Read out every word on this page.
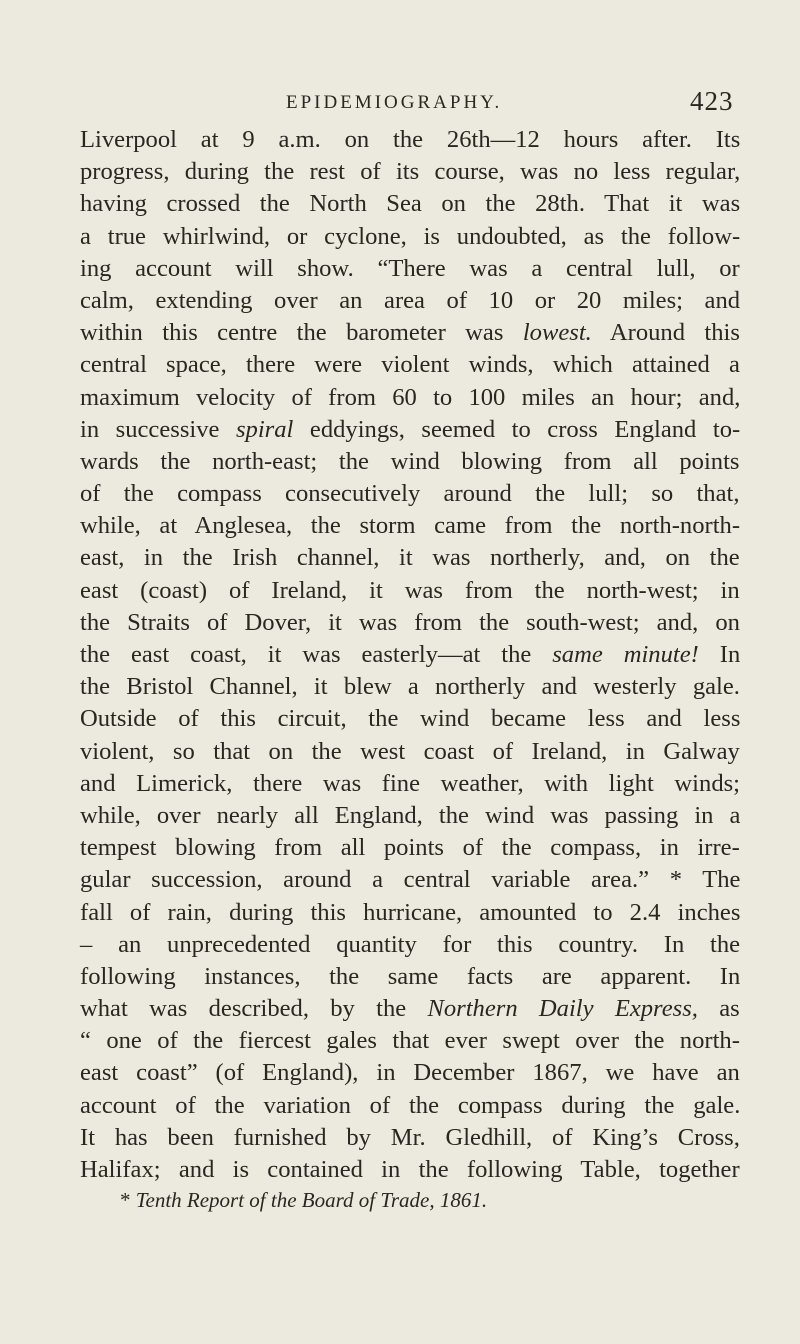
EPIDEMIOGRAPHY.	423
Liverpool at 9 a.m. on the 26th—12 hours after. Its
progress, during the rest of its course, was no less regular,
having crossed the North Sea on the 28th. That it was
a true whirlwind, or cyclone, is undoubted, as the follow-
ing account will show. “There was a central lull, or
calm, extending over an area of 10 or 20 miles; and
within this centre the barometer was lowest. Around this
central space, there were violent winds, which attained a
maximum velocity of from 60 to 100 miles an hour; and,
in successive spiral eddyings, seemed to cross England to-
wards the north-east; the wind blowing from all points
of the compass consecutively around the lull; so that,
while, at Anglesea, the storm came from the north-north-
east, in the Irish channel, it was northerly, and, on the
east (coast) of Ireland, it was from the north-west; in
the Straits of Dover, it was from the south-west; and, on
the east coast, it was easterly—at the same minute! In
the Bristol Channel, it blew a northerly and westerly gale.
Outside of this circuit, the wind became less and less
violent, so that on the west coast of Ireland, in Galway
and Limerick, there was fine weather, with light winds;
while, over nearly all England, the wind was passing in a
tempest blowing from all points of the compass, in irre-
gular succession, around a central variable area.” * The
fall of rain, during this hurricane, amounted to 2.4 inches
– an unprecedented quantity for this country. In the
following instances, the same facts are apparent. In
what was described, by the Northern Daily Express, as
“ one of the fiercest gales that ever swept over the north-
east coast” (of England), in December 1867, we have an
account of the variation of the compass during the gale.
It has been furnished by Mr. Gledhill, of King’s Cross,
Halifax; and is contained in the following Table, together
* Tenth Report of the Board of Trade, 1861.
